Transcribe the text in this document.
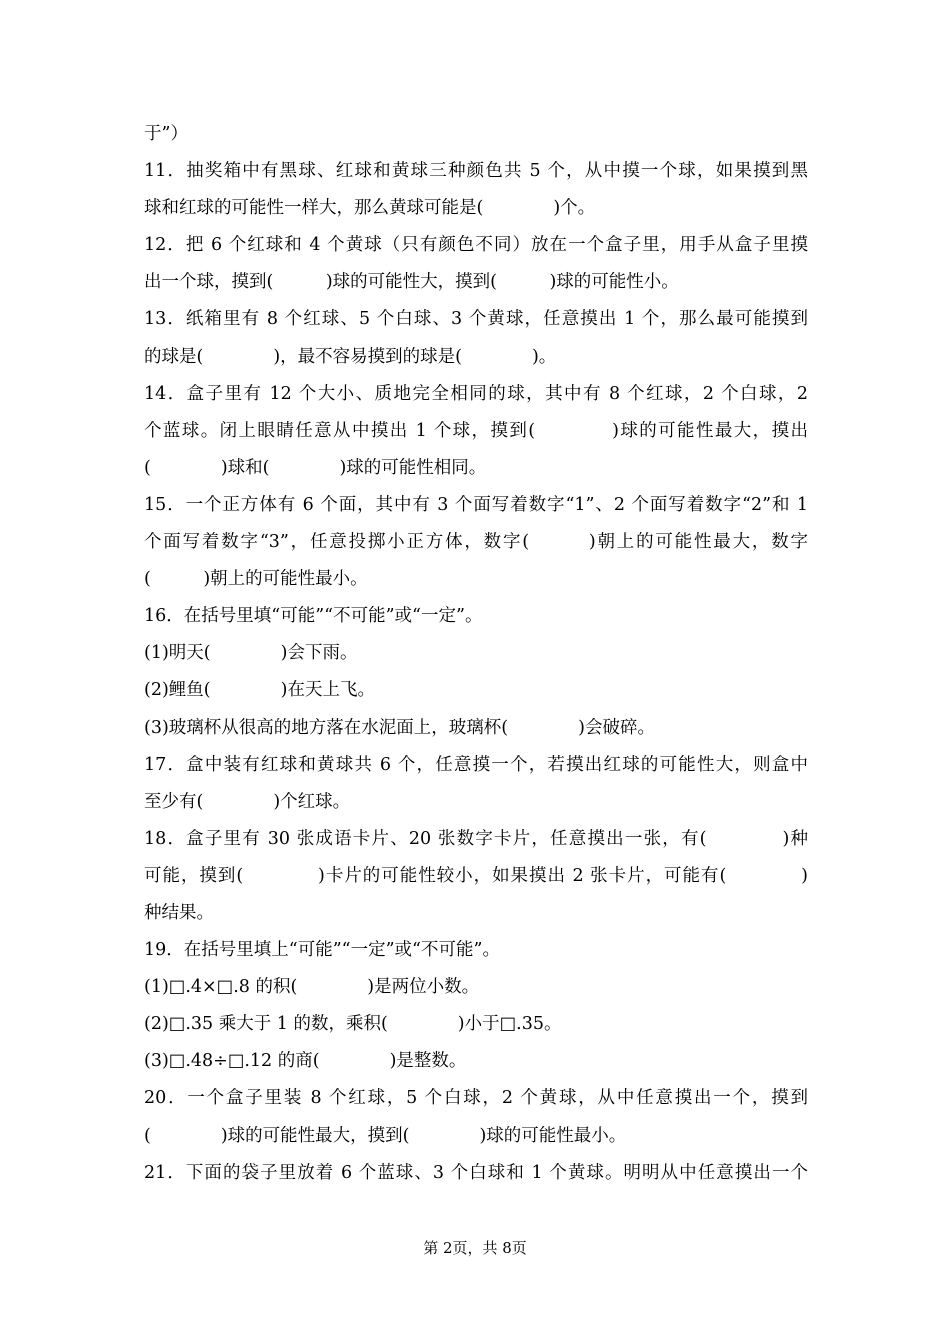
于”）
11．抽奖箱中有黑球、红球和黄球三种颜色共 5 个，从中摸一个球，如果摸到黑
球和红球的可能性一样大，那么黄球可能是(　　　　)个。
12．把 6 个红球和 4 个黄球（只有颜色不同）放在一个盒子里，用手从盒子里摸
出一个球，摸到(　　　)球的可能性大，摸到(　　　)球的可能性小。
13．纸箱里有 8 个红球、5 个白球、3 个黄球，任意摸出 1 个，那么最可能摸到
的球是(　　　　)，最不容易摸到的球是(　　　　)。
14．盒子里有 12 个大小、质地完全相同的球，其中有 8 个红球，2 个白球，2
个蓝球。闭上眼睛任意从中摸出 1 个球，摸到(　　　　)球的可能性最大，摸出
(　　　　)球和(　　　　)球的可能性相同。
15．一个正方体有 6 个面，其中有 3 个面写着数字“1”、2 个面写着数字“2”和 1
个面写着数字“3”，任意投掷小正方体，数字(　　　)朝上的可能性最大，数字
(　　　)朝上的可能性最小。
16．在括号里填“可能”“不可能”或“一定”。
(1)明天(　　　　)会下雨。
(2)鲤鱼(　　　　)在天上飞。
(3)玻璃杯从很高的地方落在水泥面上，玻璃杯(　　　　)会破碎。
17．盒中装有红球和黄球共 6 个，任意摸一个，若摸出红球的可能性大，则盒中
至少有(　　　　)个红球。
18．盒子里有 30 张成语卡片、20 张数字卡片，任意摸出一张，有(　　　　)种
可能，摸到(　　　　)卡片的可能性较小，如果摸出 2 张卡片，可能有(　　　　)
种结果。
19．在括号里填上“可能”“一定”或“不可能”。
(1)□.4×□.8 的积(　　　　)是两位小数。
(2)□.35 乘大于 1 的数，乘积(　　　　)小于□.35。
(3)□.48÷□.12 的商(　　　　)是整数。
20．一个盒子里装 8 个红球，5 个白球，2 个黄球，从中任意摸出一个，摸到
(　　　　)球的可能性最大，摸到(　　　　)球的可能性最小。
21．下面的袋子里放着 6 个蓝球、3 个白球和 1 个黄球。明明从中任意摸出一个
第 2页，共 8页
